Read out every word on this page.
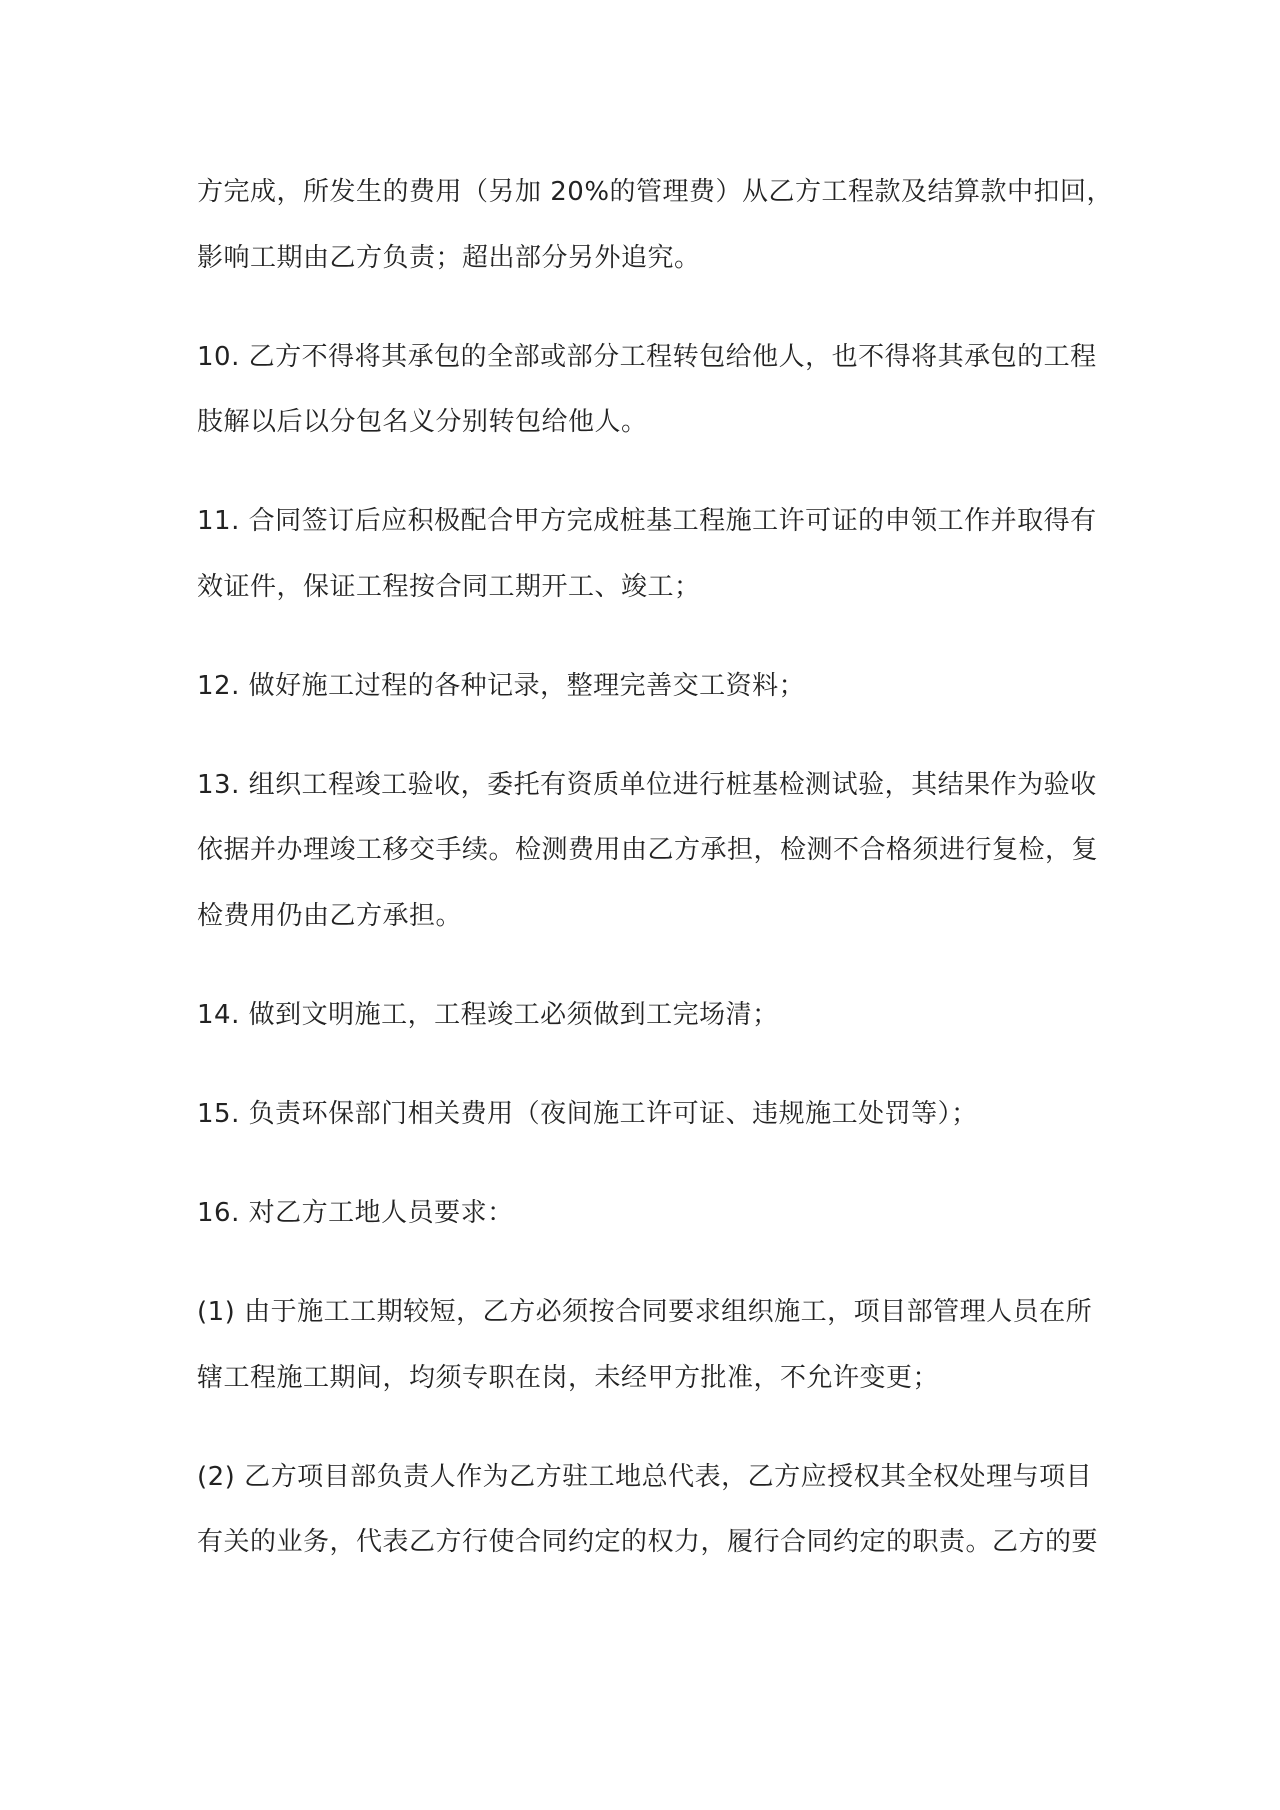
方完成，所发生的费用（另加 20%的管理费）从乙方工程款及结算款中扣回，
影响工期由乙方负责；超出部分另外追究。
10. 乙方不得将其承包的全部或部分工程转包给他人，也不得将其承包的工程
肢解以后以分包名义分别转包给他人。
11. 合同签订后应积极配合甲方完成桩基工程施工许可证的申领工作并取得有
效证件，保证工程按合同工期开工、竣工；
12. 做好施工过程的各种记录，整理完善交工资料；
13. 组织工程竣工验收，委托有资质单位进行桩基检测试验，其结果作为验收
依据并办理竣工移交手续。检测费用由乙方承担，检测不合格须进行复检，复
检费用仍由乙方承担。
14. 做到文明施工，工程竣工必须做到工完场清；
15. 负责环保部门相关费用（夜间施工许可证、违规施工处罚等）；
16. 对乙方工地人员要求：
(1) 由于施工工期较短，乙方必须按合同要求组织施工，项目部管理人员在所
辖工程施工期间，均须专职在岗，未经甲方批准，不允许变更；
(2) 乙方项目部负责人作为乙方驻工地总代表，乙方应授权其全权处理与项目
有关的业务，代表乙方行使合同约定的权力，履行合同约定的职责。乙方的要
